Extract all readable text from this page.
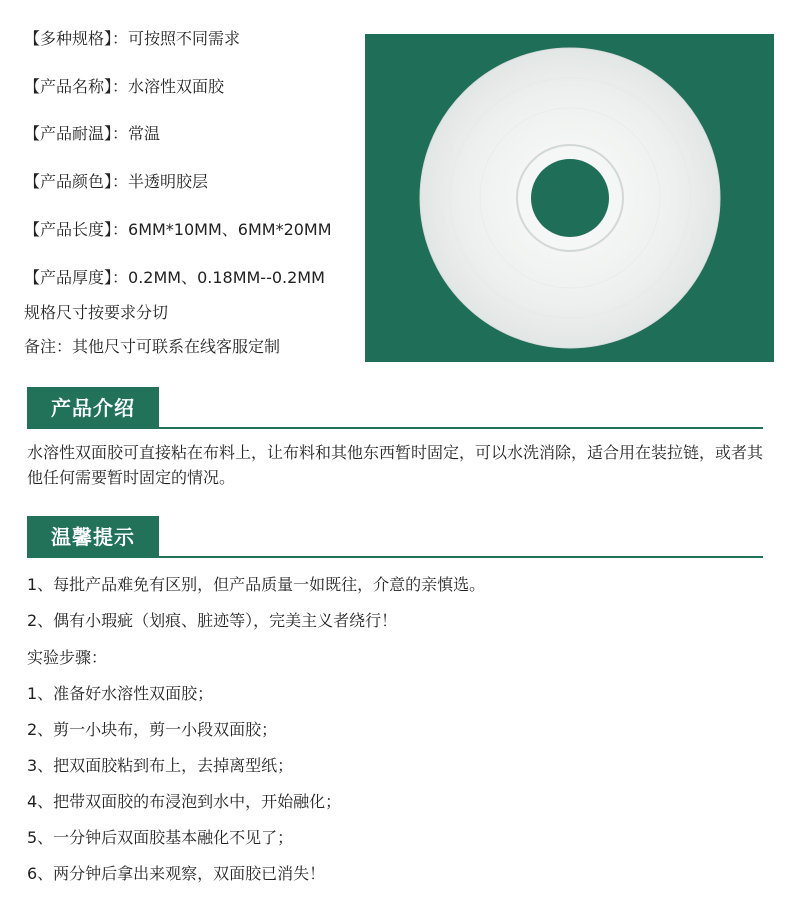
【多种规格】：可按照不同需求
【产品名称】：水溶性双面胶
【产品耐温】：常温
【产品颜色】：半透明胶层
【产品长度】：6MM*10MM、6MM*20MM
【产品厚度】：0.2MM、0.18MM--0.2MM
规格尺寸按要求分切
备注：其他尺寸可联系在线客服定制
产品介绍
水溶性双面胶可直接粘在布料上，让布料和其他东西暂时固定，可以水洗消除，适合用在装拉链，或者其他任何需要暂时固定的情况。
温馨提示
1、每批产品难免有区别，但产品质量一如既往，介意的亲慎选。
2、偶有小瑕疵（划痕、脏迹等），完美主义者绕行！
实验步骤：
1、准备好水溶性双面胶；
2、剪一小块布，剪一小段双面胶；
3、把双面胶粘到布上，去掉离型纸；
4、把带双面胶的布浸泡到水中，开始融化；
5、一分钟后双面胶基本融化不见了；
6、两分钟后拿出来观察，双面胶已消失！
